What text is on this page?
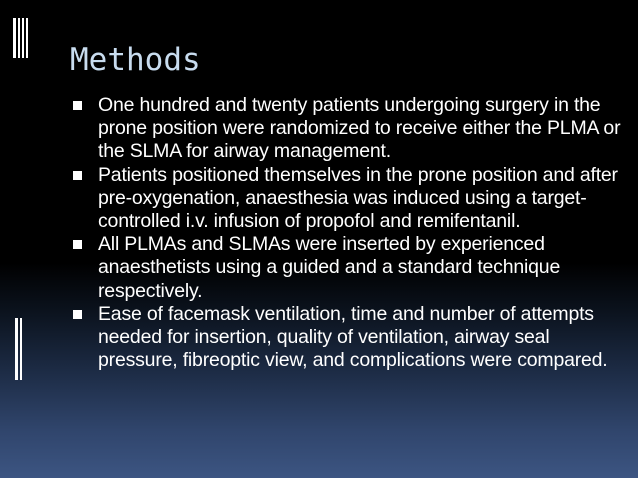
Methods
One hundred and twenty patients undergoing surgery in the prone position were randomized to receive either the PLMA or the SLMA for airway management.
Patients positioned themselves in the prone position and after pre-oxygenation, anaesthesia was induced using a target-controlled i.v. infusion of propofol and remifentanil.
All PLMAs and SLMAs were inserted by experienced anaesthetists using a guided and a standard technique respectively.
Ease of facemask ventilation, time and number of attempts needed for insertion, quality of ventilation, airway seal pressure, fibreoptic view, and complications were compared.
